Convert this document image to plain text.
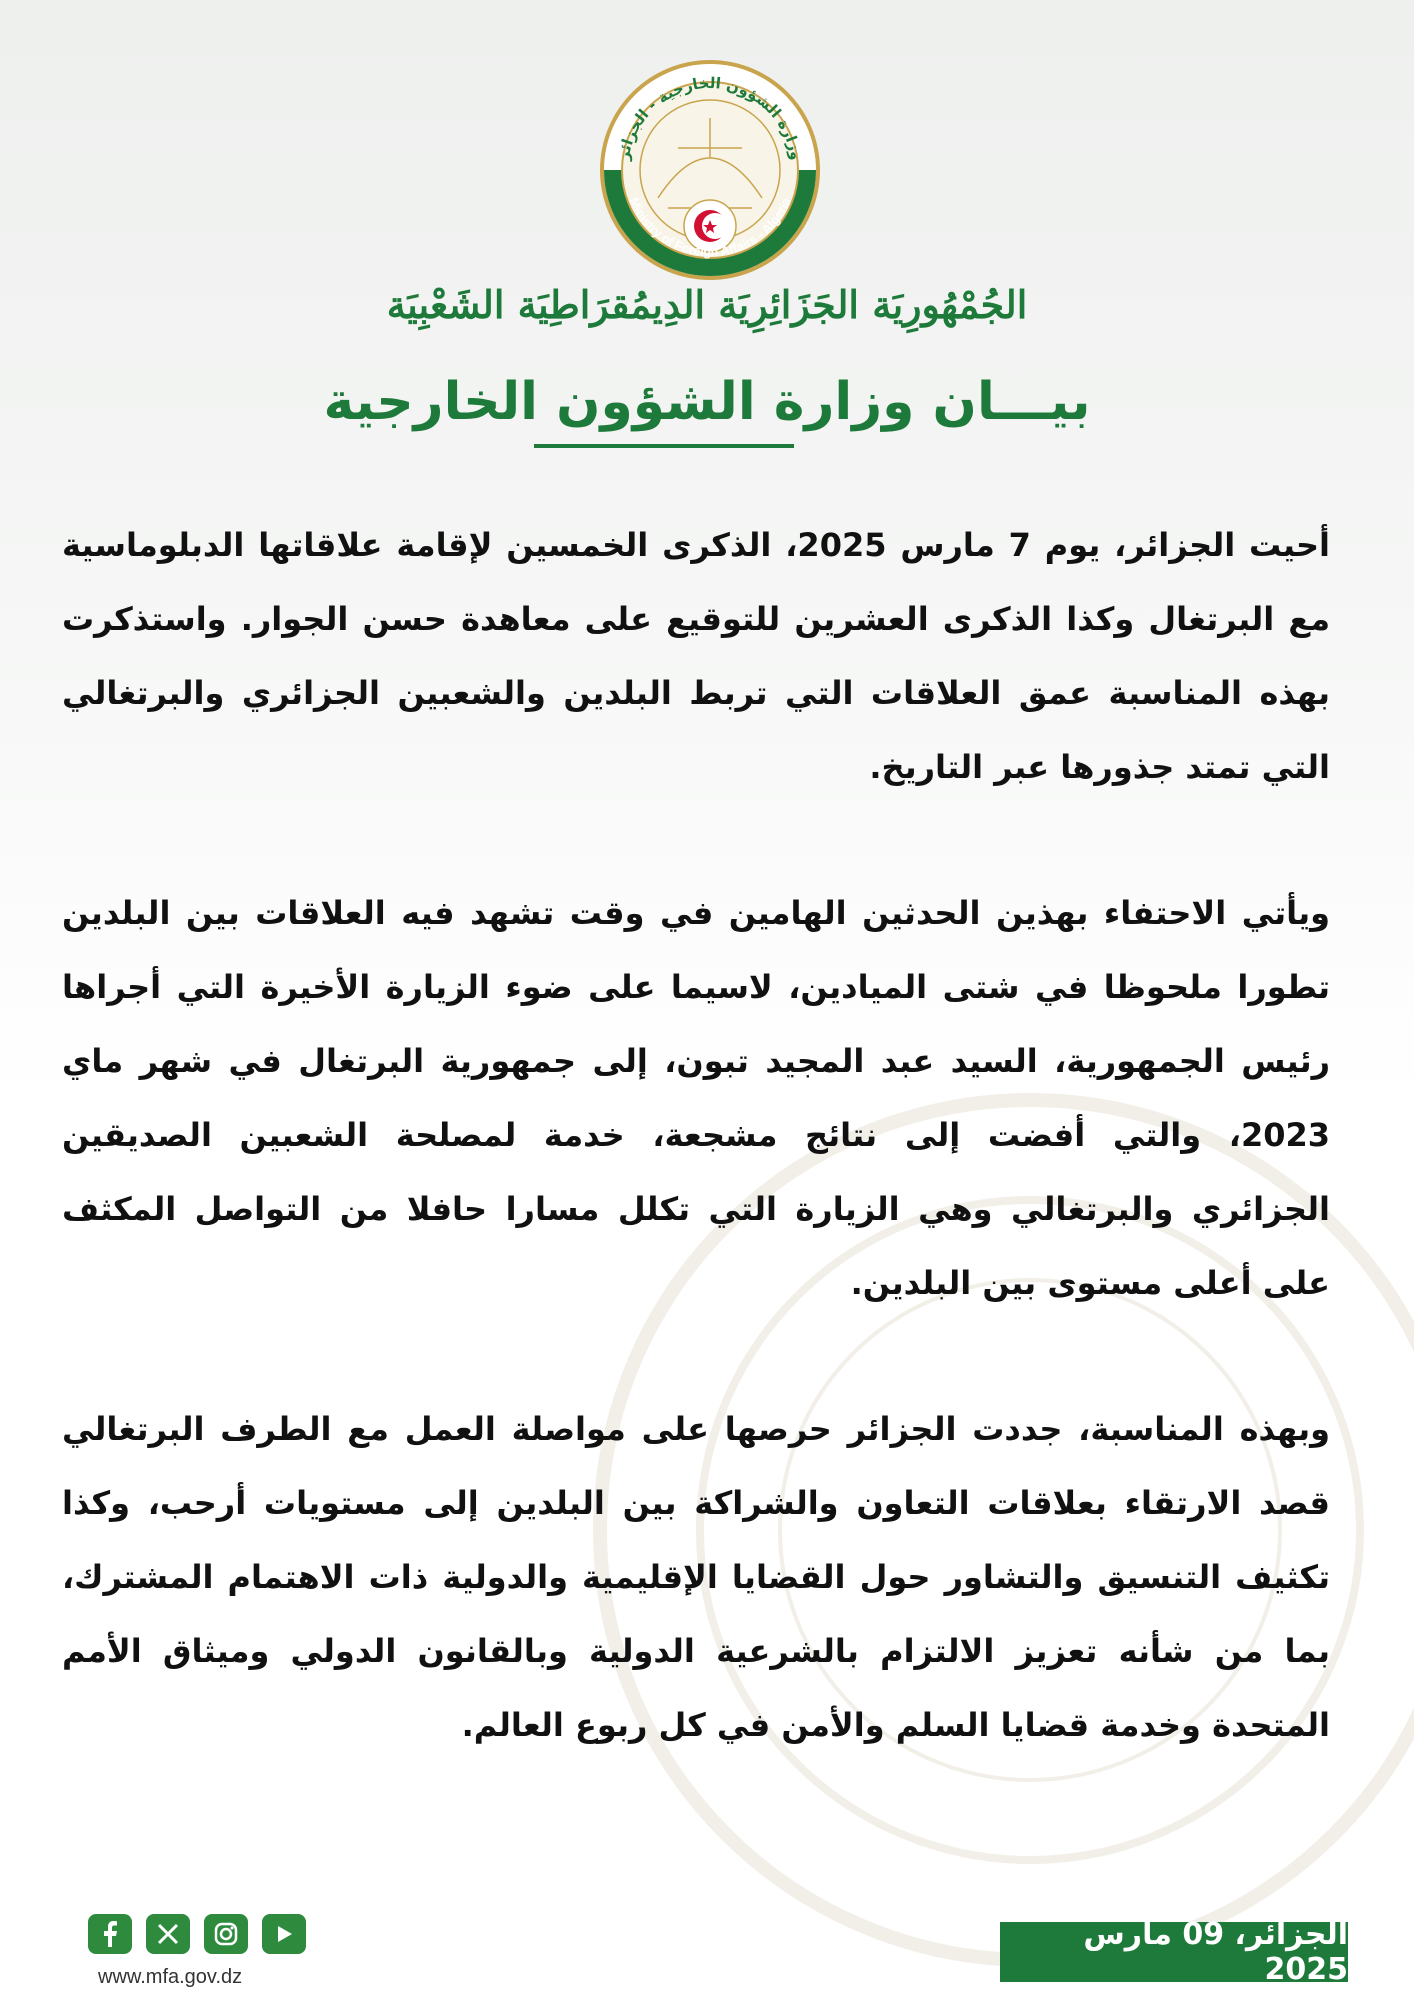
وزارة الشؤون الخارجية - الجزائر
Ministry of Foreign Affairs - Algeria
الجُمْهُورِيَة الجَزَائِرِيَة الدِيمُقرَاطِيَة الشَعْبِيَة
بيـــان وزارة الشؤون الخارجية

أحيت الجزائر، يوم 7 مارس 2025، الذكرى الخمسين لإقامة علاقاتها الدبلوماسية مع البرتغال وكذا الذكرى العشرين للتوقيع على معاهدة حسن الجوار. واستذكرت بهذه المناسبة عمق العلاقات التي تربط البلدين والشعبين الجزائري والبرتغالي التي تمتد جذورها عبر التاريخ.

ويأتي الاحتفاء بهذين الحدثين الهامين في وقت تشهد فيه العلاقات بين البلدين تطورا ملحوظا في شتى الميادين، لاسيما على ضوء الزيارة الأخيرة التي أجراها رئيس الجمهورية، السيد عبد المجيد تبون، إلى جمهورية البرتغال في شهر ماي 2023، والتي أفضت إلى نتائج مشجعة، خدمة لمصلحة الشعبين الصديقين الجزائري والبرتغالي وهي الزيارة التي تكلل مسارا حافلا من التواصل المكثف على أعلى مستوى بين البلدين.

وبهذه المناسبة، جددت الجزائر حرصها على مواصلة العمل مع الطرف البرتغالي قصد الارتقاء بعلاقات التعاون والشراكة بين البلدين إلى مستويات أرحب، وكذا تكثيف التنسيق والتشاور حول القضايا الإقليمية والدولية ذات الاهتمام المشترك، بما من شأنه تعزيز الالتزام بالشرعية الدولية وبالقانون الدولي وميثاق الأمم المتحدة وخدمة قضايا السلم والأمن في كل ربوع العالم.

www.mfa.gov.dz
الجزائر، 09 مارس 2025
